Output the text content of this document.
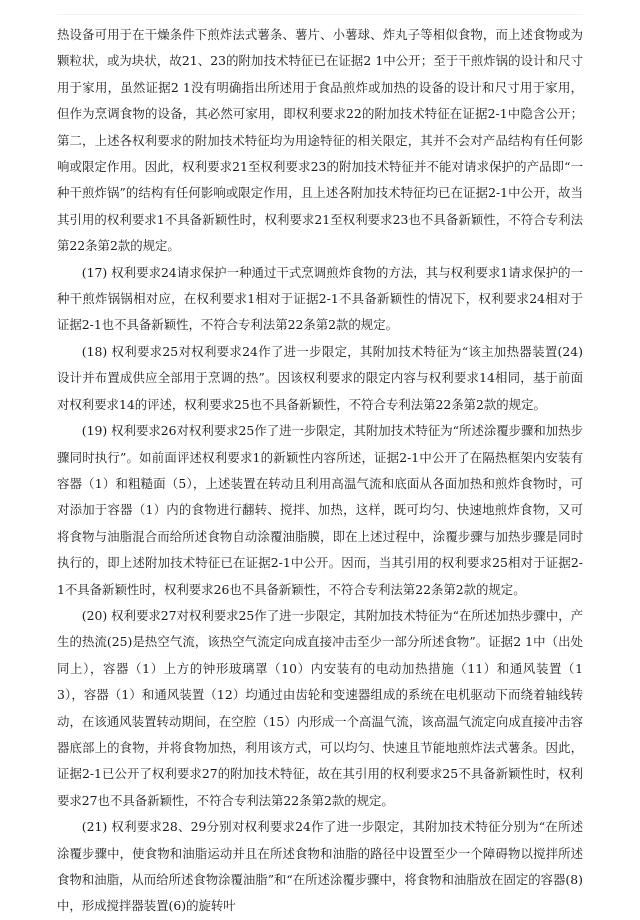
热设备可用于在干燥条件下煎炸法式薯条、薯片、小薯球、炸丸子等相似食物，而上述食物或为颗粒状，或为块状，故21、23的附加技术特征已在证据2 1中公开；至于干煎炸锅的设计和尺寸用于家用，虽然证据2 1没有明确指出所述用于食品煎炸或加热的设备的设计和尺寸用于家用，但作为烹调食物的设备，其必然可家用，即权利要求22的附加技术特征在证据2-1中隐含公开；第二，上述各权利要求的附加技术特征均为用途特征的相关限定，其并不会对产品结构有任何影响或限定作用。因此，权利要求21至权利要求23的附加技术特征并不能对请求保护的产品即“一种干煎炸锅”的结构有任何影响或限定作用，且上述各附加技术特征均已在证据2-1中公开，故当其引用的权利要求1不具备新颖性时，权利要求21至权利要求23也不具备新颖性，不符合专利法第22条第2款的规定。

(17) 权利要求24请求保护一种通过干式烹调煎炸食物的方法，其与权利要求1请求保护的一种干煎炸锅锅相对应，在权利要求1相对于证据2-1不具备新颖性的情况下，权利要求24相对于证据2-1也不具备新颖性，不符合专利法第22条第2款的规定。

(18) 权利要求25对权利要求24作了进一步限定，其附加技术特征为“该主加热器装置(24)设计并布置成供应全部用于烹调的热”。因该权利要求的限定内容与权利要求14相同，基于前面对权利要求14的评述，权利要求25也不具备新颖性，不符合专利法第22条第2款的规定。

(19) 权利要求26对权利要求25作了进一步限定，其附加技术特征为“所述涂覆步骤和加热步骤同时执行”。如前面评述权利要求1的新颖性内容所述，证据2-1中公开了在隔热框架内安装有容器（1）和粗糙面（5），上述装置在转动且利用高温气流和底面从各面加热和煎炸食物时，可对添加于容器（1）内的食物进行翻转、搅拌、加热，这样，既可均匀、快速地煎炸食物，又可将食物与油脂混合而给所述食物自动涂覆油脂膜，即在上述过程中，涂覆步骤与加热步骤是同时执行的，即上述附加技术特征已在证据2-1中公开。因而，当其引用的权利要求25相对于证据2-1不具备新颖性时，权利要求26也不具备新颖性，不符合专利法第22条第2款的规定。

(20) 权利要求27对权利要求25作了进一步限定，其附加技术特征为“在所述加热步骤中，产生的热流(25)是热空气流，该热空气流定向成直接冲击至少一部分所述食物”。证据2 1中（出处同上），容器（1）上方的钟形玻璃罩（10）内安装有的电动加热措施（11）和通风装置（13），容器（1）和通风装置（12）均通过由齿轮和变速器组成的系统在电机驱动下而绕着轴线转动，在该通风装置转动期间，在空腔（15）内形成一个高温气流，该高温气流定向成直接冲击容器底部上的食物，并将食物加热，利用该方式，可以均匀、快速且节能地煎炸法式薯条。因此，证据2-1已公开了权利要求27的附加技术特征，故在其引用的权利要求25不具备新颖性时，权利要求27也不具备新颖性，不符合专利法第22条第2款的规定。

(21) 权利要求28、29分别对权利要求24作了进一步限定，其附加技术特征分别为“在所述涂覆步骤中，使食物和油脂运动并且在所述食物和油脂的路径中设置至少一个障碍物以搅拌所述食物和油脂，从而给所述食物涂覆油脂”和“在所述涂覆步骤中，将食物和油脂放在固定的容器(8)中，形成搅拌器装置(6)的旋转叶
